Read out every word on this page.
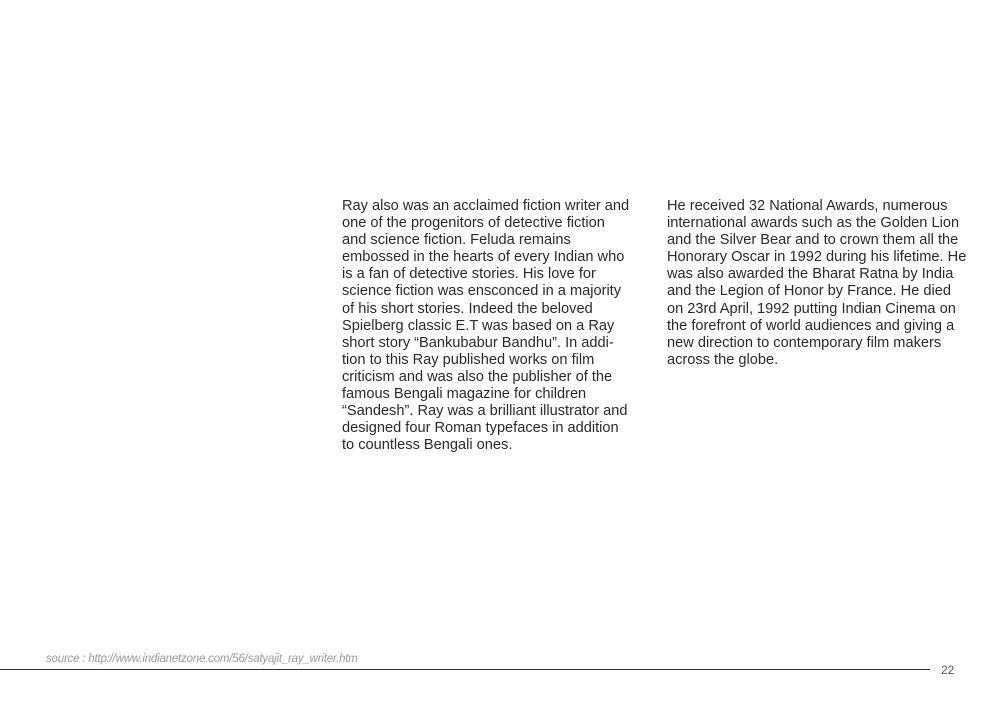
Ray also was an acclaimed fiction writer and
one of the progenitors of detective fiction
and science fiction. Feluda remains
embossed in the hearts of every Indian who
is a fan of detective stories. His love for
science fiction was ensconced in a majority
of his short stories. Indeed the beloved
Spielberg classic E.T was based on a Ray
short story “Bankubabur Bandhu”. In addi-
tion to this Ray published works on film
criticism and was also the publisher of the
famous Bengali magazine for children
“Sandesh”. Ray was a brilliant illustrator and
designed four Roman typefaces in addition
to countless Bengali ones.
He received 32 National Awards, numerous
international awards such as the Golden Lion
and the Silver Bear and to crown them all the
Honorary Oscar in 1992 during his lifetime. He
was also awarded the Bharat Ratna by India
and the Legion of Honor by France. He died
on 23rd April, 1992 putting Indian Cinema on
the forefront of world audiences and giving a
new direction to contemporary film makers
across the globe.
source : http://www.indianetzone.com/56/satyajit_ray_writer.htm
22
